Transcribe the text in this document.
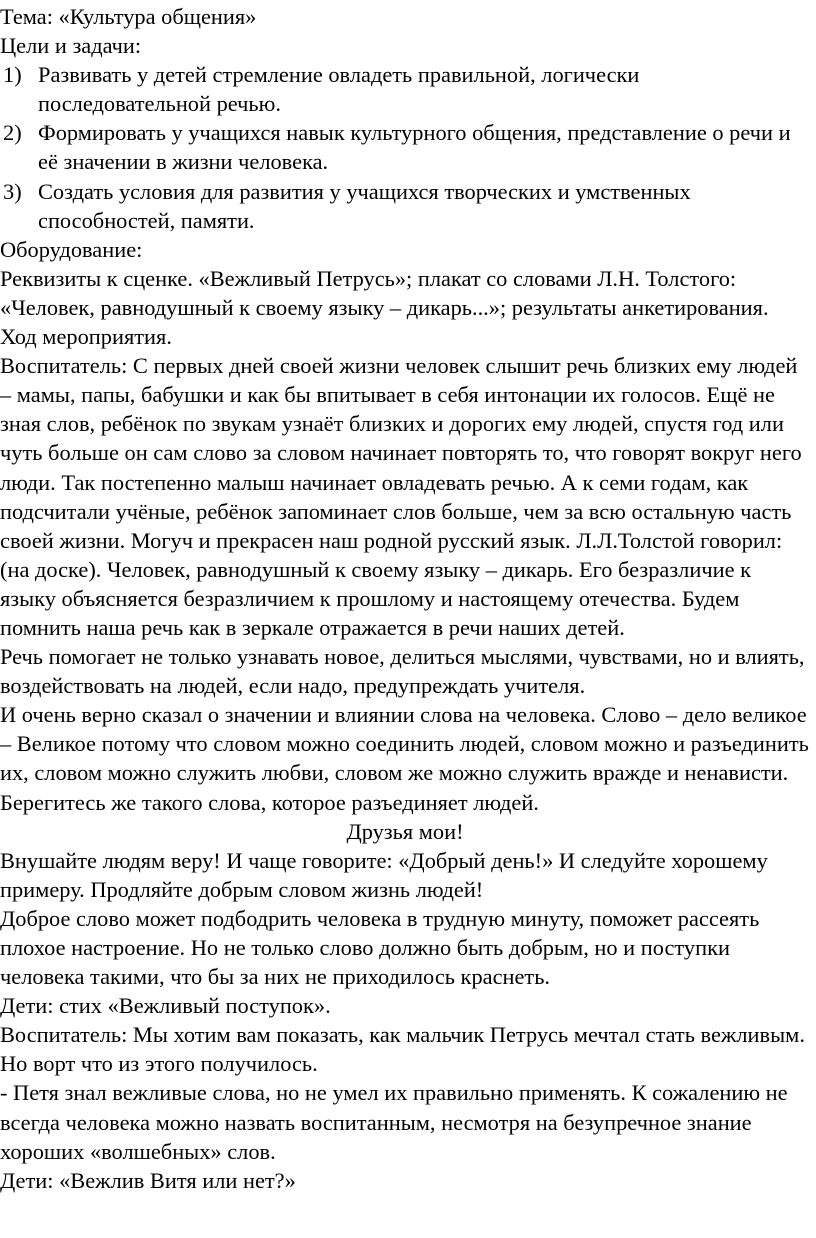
Тема: «Культура общения»

Цели и задачи:

1) Развивать у детей стремление овладеть правильной, логически последовательной речью.
2) Формировать у учащихся навык культурного общения, представление о речи и её значении в жизни человека.
3) Создать условия для развития у учащихся творческих и умственных способностей, памяти.

Оборудование:

Реквизиты к сценке. «Вежливый Петрусь»; плакат со словами Л.Н. Толстого: «Человек, равнодушный к своему языку – дикарь...»; результаты анкетирования.

Ход мероприятия.

Воспитатель: С первых дней своей жизни человек слышит речь близких ему людей – мамы, папы, бабушки и как бы впитывает в себя интонации их голосов. Ещё не зная слов, ребёнок по звукам узнаёт близких и дорогих ему людей, спустя год или чуть больше он сам слово за словом начинает повторять то, что говорят вокруг него люди. Так постепенно малыш начинает овладевать речью. А к семи годам, как подсчитали учёные, ребёнок запоминает слов больше, чем за всю остальную часть своей жизни. Могуч и прекрасен наш родной русский язык. Л.Л.Толстой говорил: (на доске). Человек, равнодушный к своему языку – дикарь. Его безразличие к языку объясняется безразличием к прошлому и настоящему отечества. Будем помнить наша речь как в зеркале отражается в речи наших детей.

Речь помогает не только узнавать новое, делиться мыслями, чувствами, но и влиять, воздействовать на людей, если надо, предупреждать учителя.

И очень верно сказал о значении и влиянии слова на человека. Слово – дело великое – Великое потому что словом можно соединить людей, словом можно и разъединить их, словом можно служить любви, словом же можно служить вражде и ненависти. Берегитесь же такого слова, которое разъединяет людей.

Друзья мои!

Внушайте людям веру! И чаще говорите: «Добрый день!» И следуйте хорошему примеру. Продляйте добрым словом жизнь людей!

Доброе слово может подбодрить человека в трудную минуту, поможет рассеять плохое настроение. Но не только слово должно быть добрым, но и поступки человека такими, что бы за них не приходилось краснеть.

Дети: стих «Вежливый поступок».

Воспитатель: Мы хотим вам показать, как мальчик Петрусь мечтал стать вежливым. Но ворт что из этого получилось.

- Петя знал вежливые слова, но не умел их правильно применять. К сожалению не всегда человека можно назвать воспитанным, несмотря на безупречное знание хороших «волшебных» слов.

Дети: «Вежлив Витя или нет?»
